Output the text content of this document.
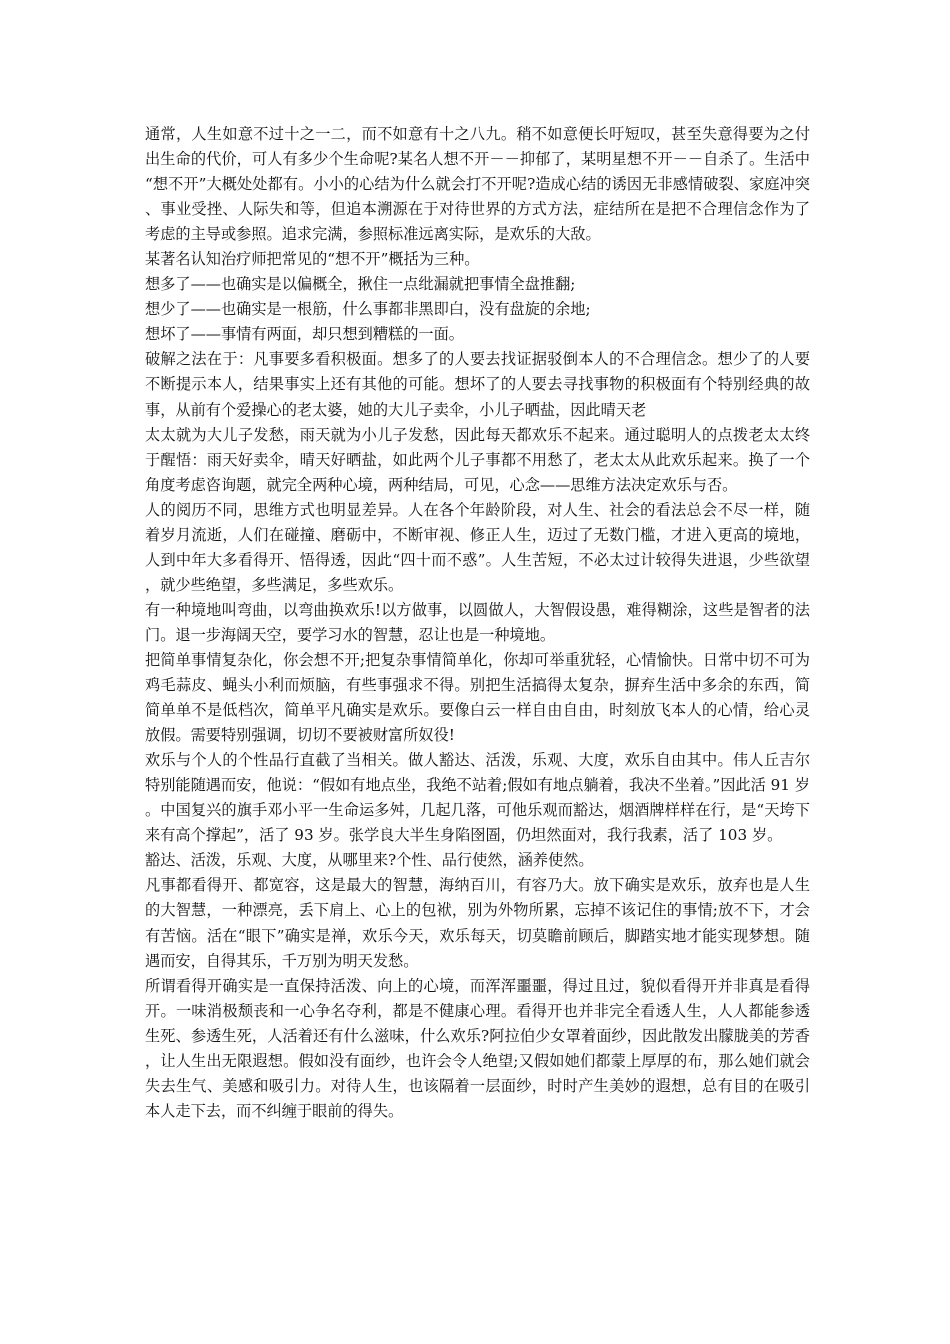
通常，人生如意不过十之一二，而不如意有十之八九。稍不如意便长吁短叹，甚至失意得要为之付出生命的代价，可人有多少个生命呢?某名人想不开－－抑郁了，某明星想不开－－自杀了。生活中“想不开”大概处处都有。小小的心结为什么就会打不开呢?造成心结的诱因无非感情破裂、家庭冲突、事业受挫、人际失和等，但追本溯源在于对待世界的方式方法，症结所在是把不合理信念作为了考虑的主导或参照。追求完满，参照标准远离实际，是欢乐的大敌。

某著名认知治疗师把常见的“想不开”概括为三种。

想多了——也确实是以偏概全，揪住一点纰漏就把事情全盘推翻;

想少了——也确实是一根筋，什么事都非黑即白，没有盘旋的余地;

想坏了——事情有两面，却只想到糟糕的一面。

破解之法在于：凡事要多看积极面。想多了的人要去找证据驳倒本人的不合理信念。想少了的人要不断提示本人，结果事实上还有其他的可能。想坏了的人要去寻找事物的积极面有个特别经典的故事，从前有个爱操心的老太婆，她的大儿子卖伞，小儿子晒盐，因此晴天老

太太就为大儿子发愁，雨天就为小儿子发愁，因此每天都欢乐不起来。通过聪明人的点拨老太太终于醒悟：雨天好卖伞，晴天好晒盐，如此两个儿子事都不用愁了，老太太从此欢乐起来。换了一个角度考虑咨询题，就完全两种心境，两种结局，可见，心念——思维方法决定欢乐与否。

人的阅历不同，思维方式也明显差异。人在各个年龄阶段，对人生、社会的看法总会不尽一样，随着岁月流逝，人们在碰撞、磨砺中，不断审视、修正人生，迈过了无数门槛，才进入更高的境地，人到中年大多看得开、悟得透，因此“四十而不惑”。人生苦短，不必太过计较得失进退，少些欲望，就少些绝望，多些满足，多些欢乐。

有一种境地叫弯曲，以弯曲换欢乐!以方做事，以圆做人，大智假设愚，难得糊涂，这些是智者的法门。退一步海阔天空，要学习水的智慧，忍让也是一种境地。

把简单事情复杂化，你会想不开;把复杂事情简单化，你却可举重犹轻，心情愉快。日常中切不可为鸡毛蒜皮、蝇头小利而烦脑，有些事强求不得。别把生活搞得太复杂，摒弃生活中多余的东西，简简单单不是低档次，简单平凡确实是欢乐。要像白云一样自由自由，时刻放飞本人的心情，给心灵放假。需要特别强调，切切不要被财富所奴役!

欢乐与个人的个性品行直截了当相关。做人豁达、活泼，乐观、大度，欢乐自由其中。伟人丘吉尔特别能随遇而安，他说：“假如有地点坐，我绝不站着;假如有地点躺着，我决不坐着。”因此活 91 岁。中国复兴的旗手邓小平一生命运多舛，几起几落，可他乐观而豁达，烟酒牌样样在行，是“天垮下来有高个撑起”，活了 93 岁。张学良大半生身陷囹圄，仍坦然面对，我行我素，活了 103 岁。

豁达、活泼，乐观、大度，从哪里来?个性、品行使然，涵养使然。

凡事都看得开、都宽容，这是最大的智慧，海纳百川，有容乃大。放下确实是欢乐，放弃也是人生的大智慧，一种漂亮，丢下肩上、心上的包袱，别为外物所累，忘掉不该记住的事情;放不下，才会有苦恼。活在“眼下”确实是禅，欢乐今天，欢乐每天，切莫瞻前顾后，脚踏实地才能实现梦想。随遇而安，自得其乐，千万别为明天发愁。

所谓看得开确实是一直保持活泼、向上的心境，而浑浑噩噩，得过且过，貌似看得开并非真是看得开。一味消极颓丧和一心争名夺利，都是不健康心理。看得开也并非完全看透人生，人人都能参透生死、参透生死，人活着还有什么滋味，什么欢乐?阿拉伯少女罩着面纱，因此散发出朦胧美的芳香，让人生出无限遐想。假如没有面纱，也许会令人绝望;又假如她们都蒙上厚厚的布，那么她们就会失去生气、美感和吸引力。对待人生，也该隔着一层面纱，时时产生美妙的遐想，总有目的在吸引本人走下去，而不纠缠于眼前的得失。
